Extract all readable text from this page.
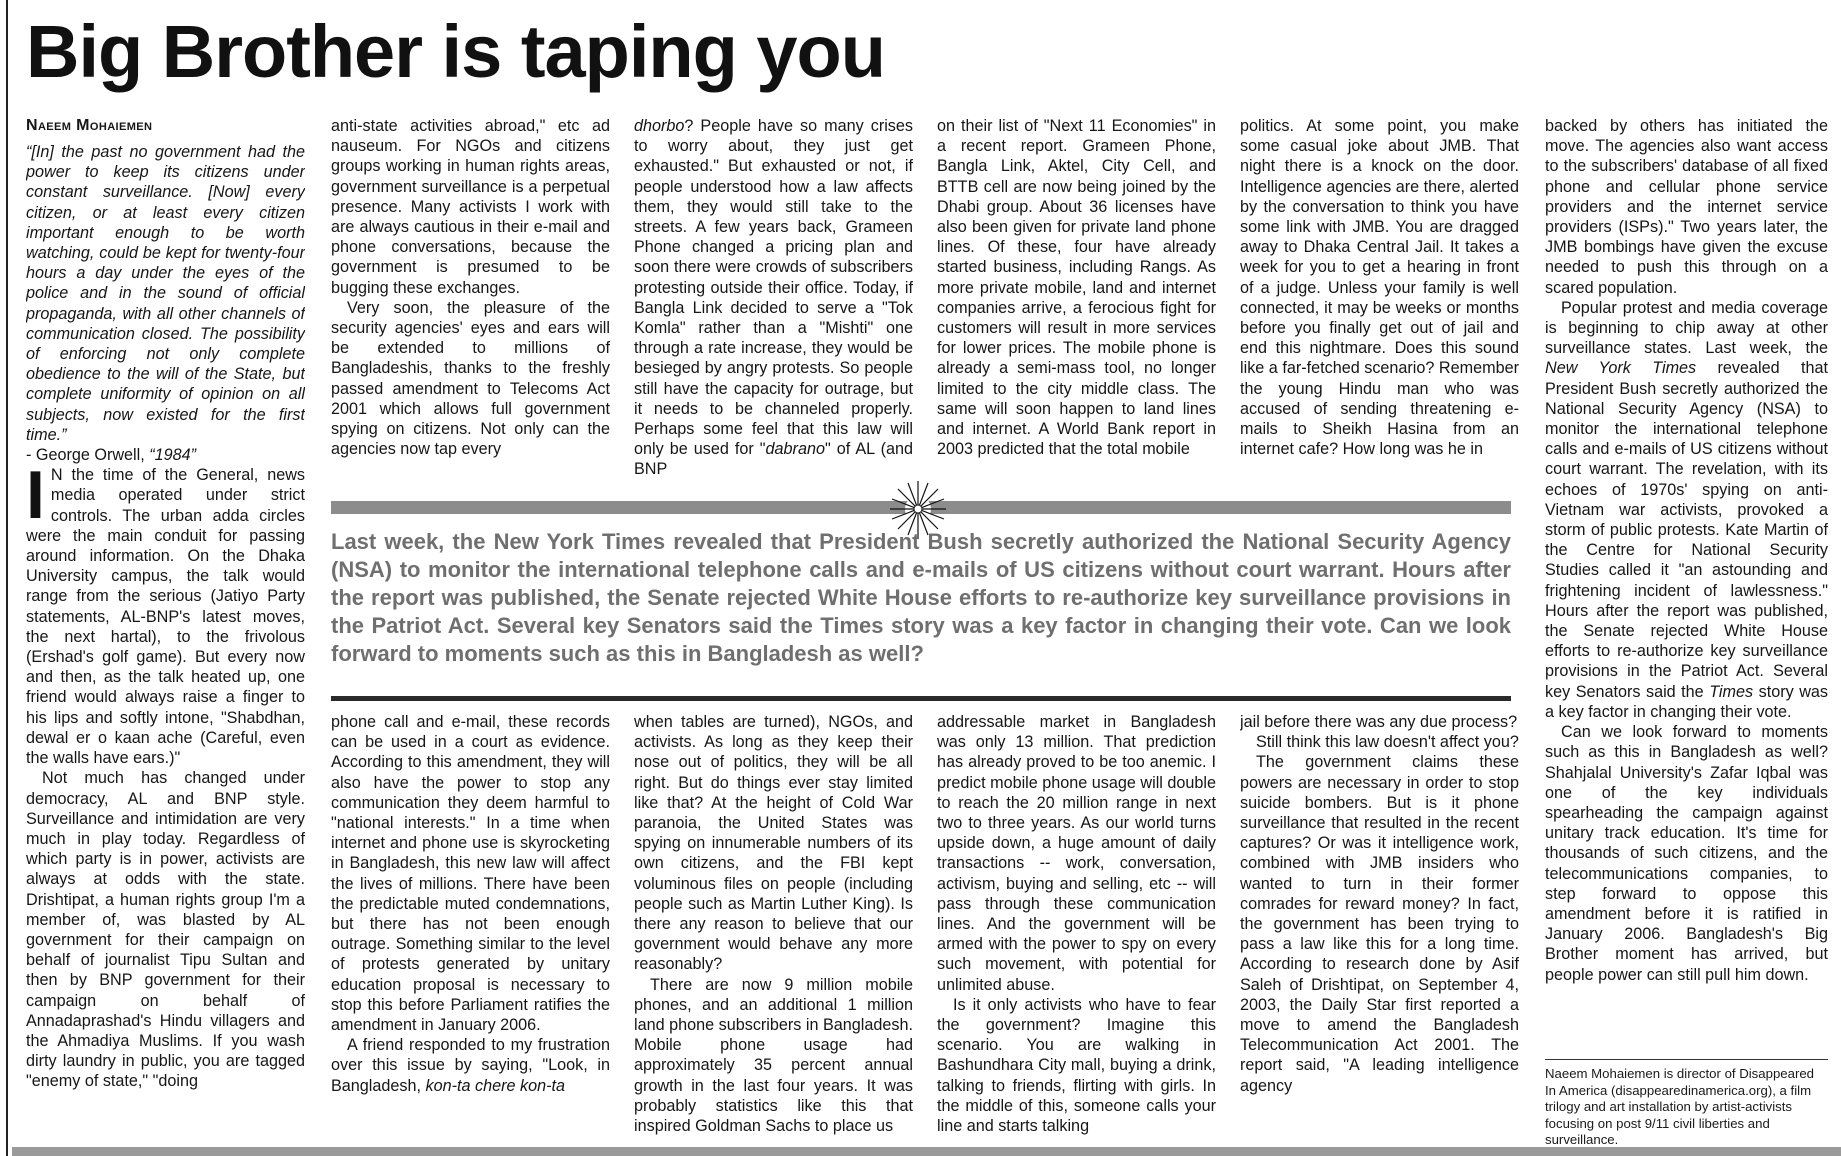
Big Brother is taping you
Naeem Mohaiemen

“[In] the past no government had the power to keep its citizens under constant surveillance. [Now] every citizen, or at least every citizen important enough to be worth watching, could be kept for twenty-four hours a day under the eyes of the police and in the sound of official propaganda, with all other channels of communication closed. The possibility of enforcing not only complete obedience to the will of the State, but complete uniformity of opinion on all subjects, now existed for the first time.”

- George Orwell, “1984”

I N the time of the General, news media operated under strict controls. The urban adda circles were the main conduit for passing around information. On the Dhaka University campus, the talk would range from the serious (Jatiyo Party statements, AL-BNP's latest moves, the next hartal), to the frivolous (Ershad's golf game). But every now and then, as the talk heated up, one friend would always raise a finger to his lips and softly intone, "Shabdhan, dewal er o kaan ache (Careful, even the walls have ears.)"

Not much has changed under democracy, AL and BNP style. Surveillance and intimidation are very much in play today. Regardless of which party is in power, activists are always at odds with the state. Drishtipat, a human rights group I'm a member of, was blasted by AL government for their campaign on behalf of journalist Tipu Sultan and then by BNP government for their campaign on behalf of Annadaprashad's Hindu villagers and the Ahmadiya Muslims. If you wash dirty laundry in public, you are tagged "enemy of state," "doing

anti-state activities abroad," etc ad nauseum. For NGOs and citizens groups working in human rights areas, government surveillance is a perpetual presence. Many activists I work with are always cautious in their e-mail and phone conversations, because the government is presumed to be bugging these exchanges.

Very soon, the pleasure of the security agencies' eyes and ears will be extended to millions of Bangladeshis, thanks to the freshly passed amendment to Telecoms Act 2001 which allows full government spying on citizens. Not only can the agencies now tap every

dhorbo? People have so many crises to worry about, they just get exhausted." But exhausted or not, if people understood how a law affects them, they would still take to the streets. A few years back, Grameen Phone changed a pricing plan and soon there were crowds of subscribers protesting outside their office. Today, if Bangla Link decided to serve a "Tok Komla" rather than a "Mishti" one through a rate increase, they would be besieged by angry protests. So people still have the capacity for outrage, but it needs to be channeled properly. Perhaps some feel that this law will only be used for "dabrano" of AL (and BNP

on their list of "Next 11 Economies" in a recent report. Grameen Phone, Bangla Link, Aktel, City Cell, and BTTB cell are now being joined by the Dhabi group. About 36 licenses have also been given for private land phone lines. Of these, four have already started business, including Rangs. As more private mobile, land and internet companies arrive, a ferocious fight for customers will result in more services for lower prices. The mobile phone is already a semi-mass tool, no longer limited to the city middle class. The same will soon happen to land lines and internet. A World Bank report in 2003 predicted that the total mobile

politics. At some point, you make some casual joke about JMB. That night there is a knock on the door. Intelligence agencies are there, alerted by the conversation to think you have some link with JMB. You are dragged away to Dhaka Central Jail. It takes a week for you to get a hearing in front of a judge. Unless your family is well connected, it may be weeks or months before you finally get out of jail and end this nightmare. Does this sound like a far-fetched scenario? Remember the young Hindu man who was accused of sending threatening e-mails to Sheikh Hasina from an internet cafe? How long was he in

Last week, the New York Times revealed that President Bush secretly authorized the National Security Agency (NSA) to monitor the international telephone calls and e-mails of US citizens without court warrant. Hours after the report was published, the Senate rejected White House efforts to re-authorize key surveillance provisions in the Patriot Act. Several key Senators said the Times story was a key factor in changing their vote. Can we look forward to moments such as this in Bangladesh as well?

phone call and e-mail, these records can be used in a court as evidence. According to this amendment, they will also have the power to stop any communication they deem harmful to "national interests." In a time when internet and phone use is skyrocketing in Bangladesh, this new law will affect the lives of millions. There have been the predictable muted condemnations, but there has not been enough outrage. Something similar to the level of protests generated by unitary education proposal is necessary to stop this before Parliament ratifies the amendment in January 2006.

A friend responded to my frustration over this issue by saying, "Look, in Bangladesh, kon-ta chere kon-ta

when tables are turned), NGOs, and activists. As long as they keep their nose out of politics, they will be all right. But do things ever stay limited like that? At the height of Cold War paranoia, the United States was spying on innumerable numbers of its own citizens, and the FBI kept voluminous files on people (including people such as Martin Luther King). Is there any reason to believe that our government would behave any more reasonably?

There are now 9 million mobile phones, and an additional 1 million land phone subscribers in Bangladesh. Mobile phone usage had approximately 35 percent annual growth in the last four years. It was probably statistics like this that inspired Goldman Sachs to place us

addressable market in Bangladesh was only 13 million. That prediction has already proved to be too anemic. I predict mobile phone usage will double to reach the 20 million range in next two to three years. As our world turns upside down, a huge amount of daily transactions -- work, conversation, activism, buying and selling, etc -- will pass through these communication lines. And the government will be armed with the power to spy on every such movement, with potential for unlimited abuse.

Is it only activists who have to fear the government? Imagine this scenario. You are walking in Bashundhara City mall, buying a drink, talking to friends, flirting with girls. In the middle of this, someone calls your line and starts talking

jail before there was any due process?

Still think this law doesn't affect you?

The government claims these powers are necessary in order to stop suicide bombers. But is it phone surveillance that resulted in the recent captures? Or was it intelligence work, combined with JMB insiders who wanted to turn in their former comrades for reward money? In fact, the government has been trying to pass a law like this for a long time. According to research done by Asif Saleh of Drishtipat, on September 4, 2003, the Daily Star first reported a move to amend the Bangladesh Telecommunication Act 2001. The report said, "A leading intelligence agency

backed by others has initiated the move. The agencies also want access to the subscribers' database of all fixed phone and cellular phone service providers and the internet service providers (ISPs)." Two years later, the JMB bombings have given the excuse needed to push this through on a scared population.

Popular protest and media coverage is beginning to chip away at other surveillance states. Last week, the New York Times revealed that President Bush secretly authorized the National Security Agency (NSA) to monitor the international telephone calls and e-mails of US citizens without court warrant. The revelation, with its echoes of 1970s' spying on anti-Vietnam war activists, provoked a storm of public protests. Kate Martin of the Centre for National Security Studies called it "an astounding and frightening incident of lawlessness." Hours after the report was published, the Senate rejected White House efforts to re-authorize key surveillance provisions in the Patriot Act. Several key Senators said the Times story was a key factor in changing their vote.

Can we look forward to moments such as this in Bangladesh as well? Shahjalal University's Zafar Iqbal was one of the key individuals spearheading the campaign against unitary track education. It's time for thousands of such citizens, and the telecommunications companies, to step forward to oppose this amendment before it is ratified in January 2006. Bangladesh's Big Brother moment has arrived, but people power can still pull him down.

Naeem Mohaiemen is director of Disappeared In America (disappearedinamerica.org), a film trilogy and art installation by artist-activists focusing on post 9/11 civil liberties and surveillance.
